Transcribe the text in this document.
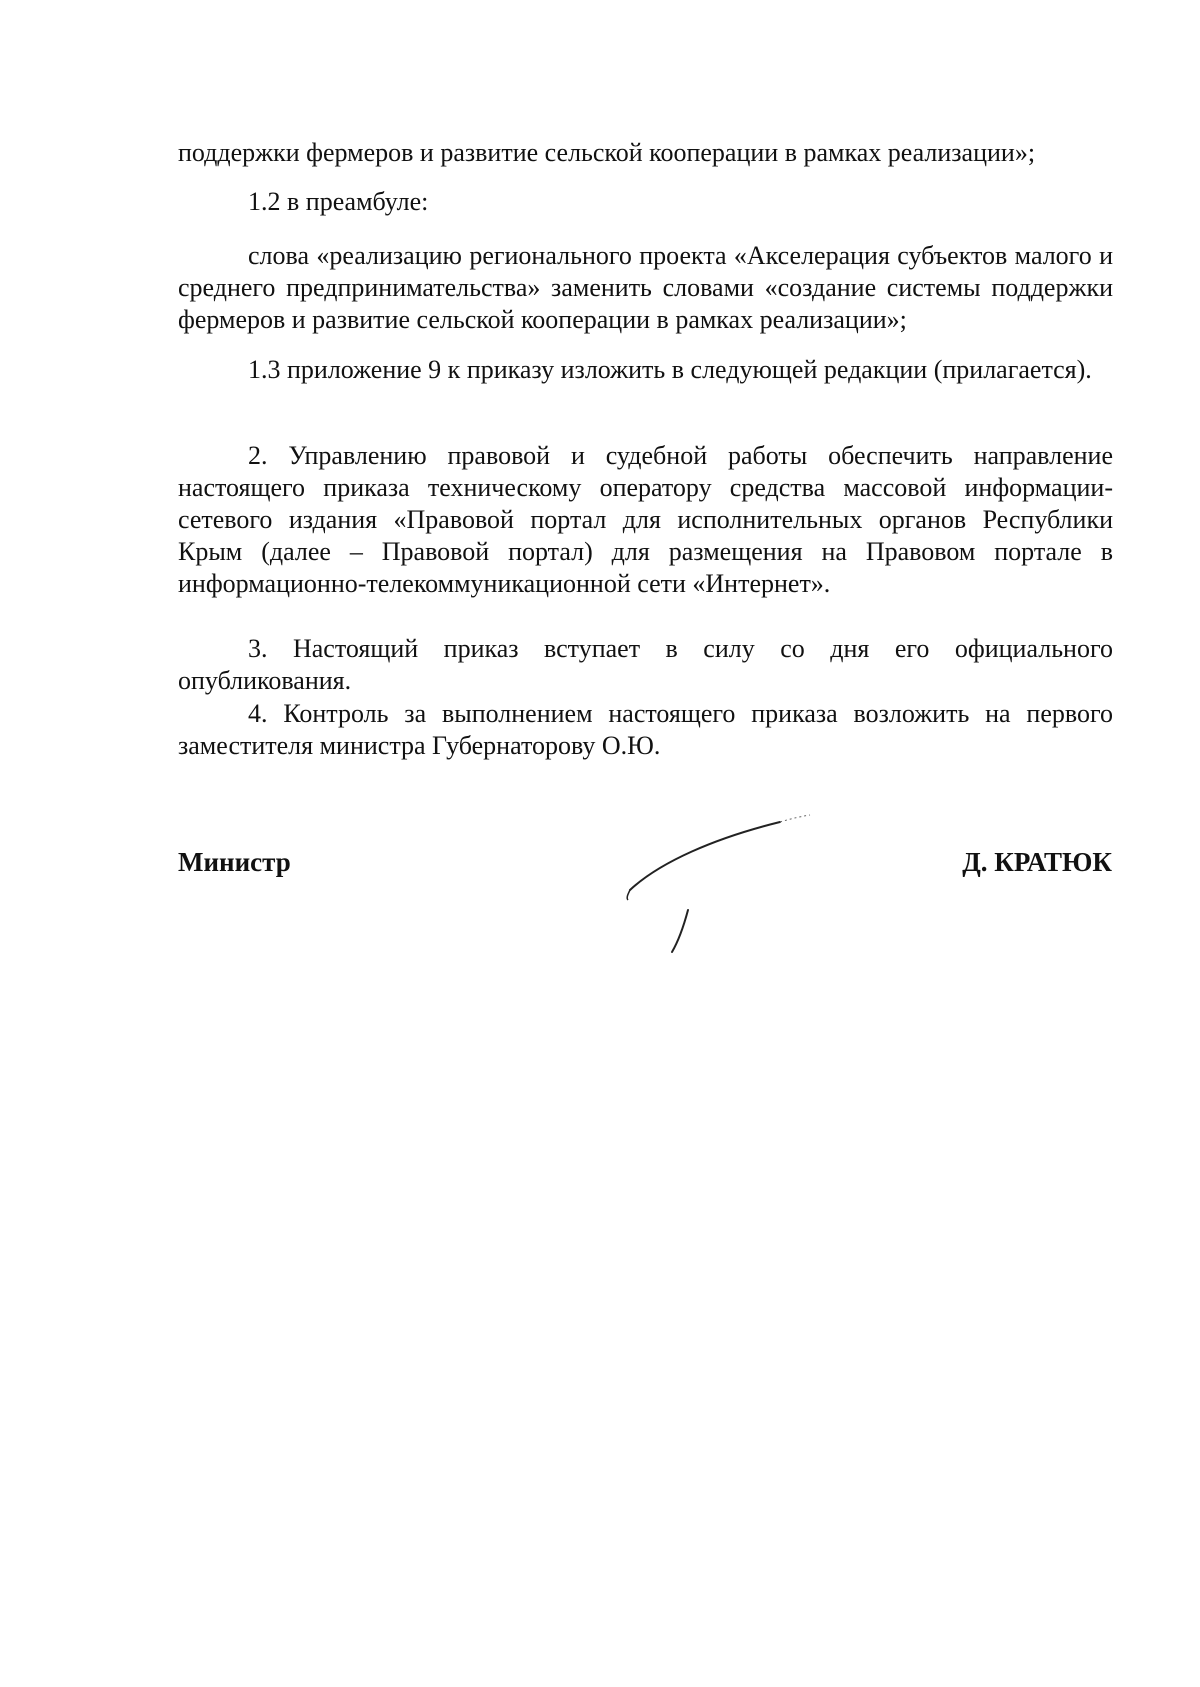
поддержки фермеров и развитие сельской кооперации в рамках реализации»;

1.2 в преамбуле:

слова «реализацию регионального проекта «Акселерация субъектов малого и среднего предпринимательства» заменить словами «создание системы поддержки фермеров и развитие сельской кооперации в рамках реализации»;

1.3 приложение 9 к приказу изложить в следующей редакции (прилагается).

2. Управлению правовой и судебной работы обеспечить направление настоящего приказа техническому оператору средства массовой информации-сетевого издания «Правовой портал для исполнительных органов Республики Крым (далее – Правовой портал) для размещения на Правовом портале в информационно-телекоммуникационной сети «Интернет».

3. Настоящий приказ вступает в силу со дня его официального опубликования.

4. Контроль за выполнением настоящего приказа возложить на первого заместителя министра Губернаторову О.Ю.

Министр	Д. КРАТЮК
